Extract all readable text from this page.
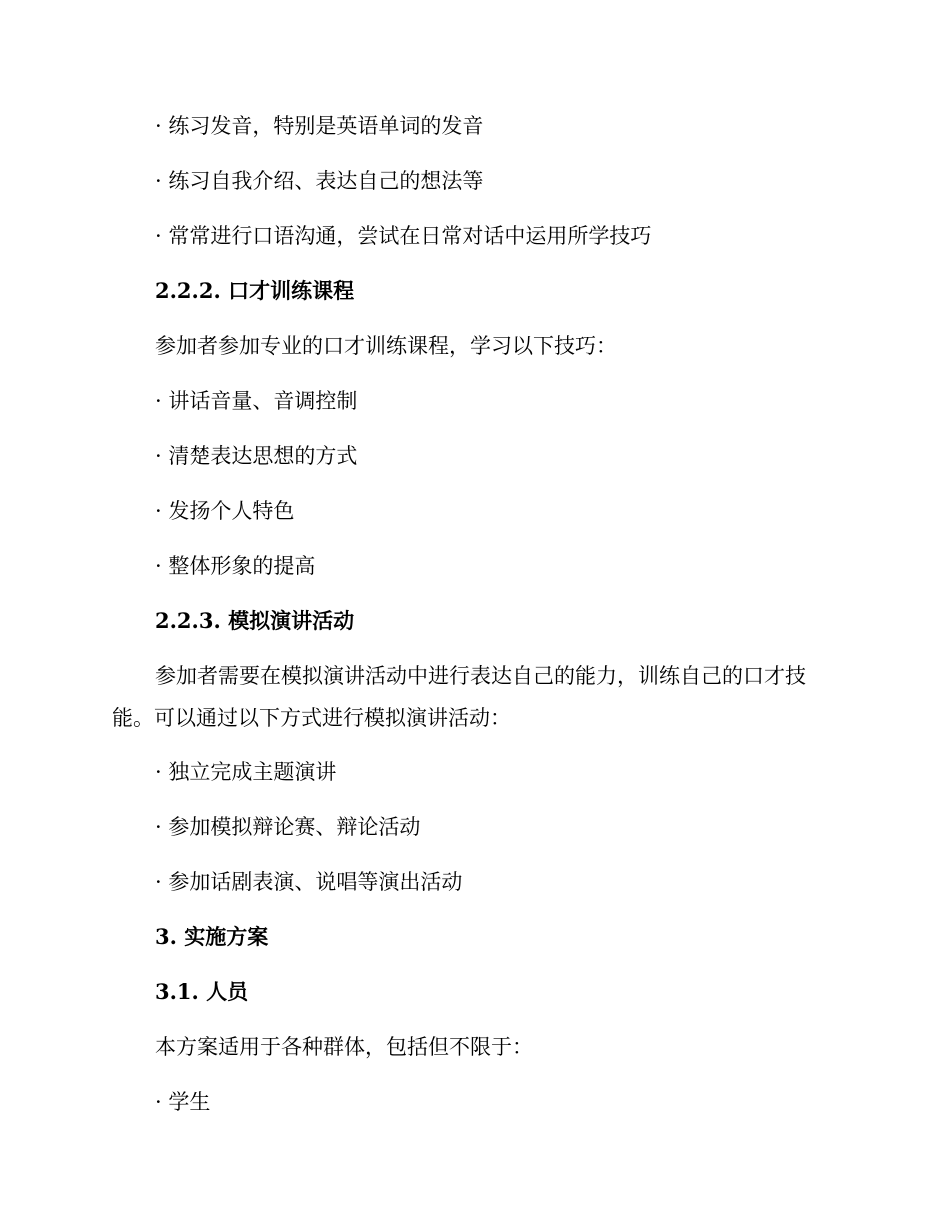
· 练习发音，特别是英语单词的发音
· 练习自我介绍、表达自己的想法等
· 常常进行口语沟通，尝试在日常对话中运用所学技巧
2.2.2. 口才训练课程
参加者参加专业的口才训练课程，学习以下技巧：
· 讲话音量、音调控制
· 清楚表达思想的方式
· 发扬个人特色
· 整体形象的提高
2.2.3. 模拟演讲活动
参加者需要在模拟演讲活动中进行表达自己的能力，训练自己的口才技
能。可以通过以下方式进行模拟演讲活动：
· 独立完成主题演讲
· 参加模拟辩论赛、辩论活动
· 参加话剧表演、说唱等演出活动
3. 实施方案
3.1. 人员
本方案适用于各种群体，包括但不限于：
· 学生
